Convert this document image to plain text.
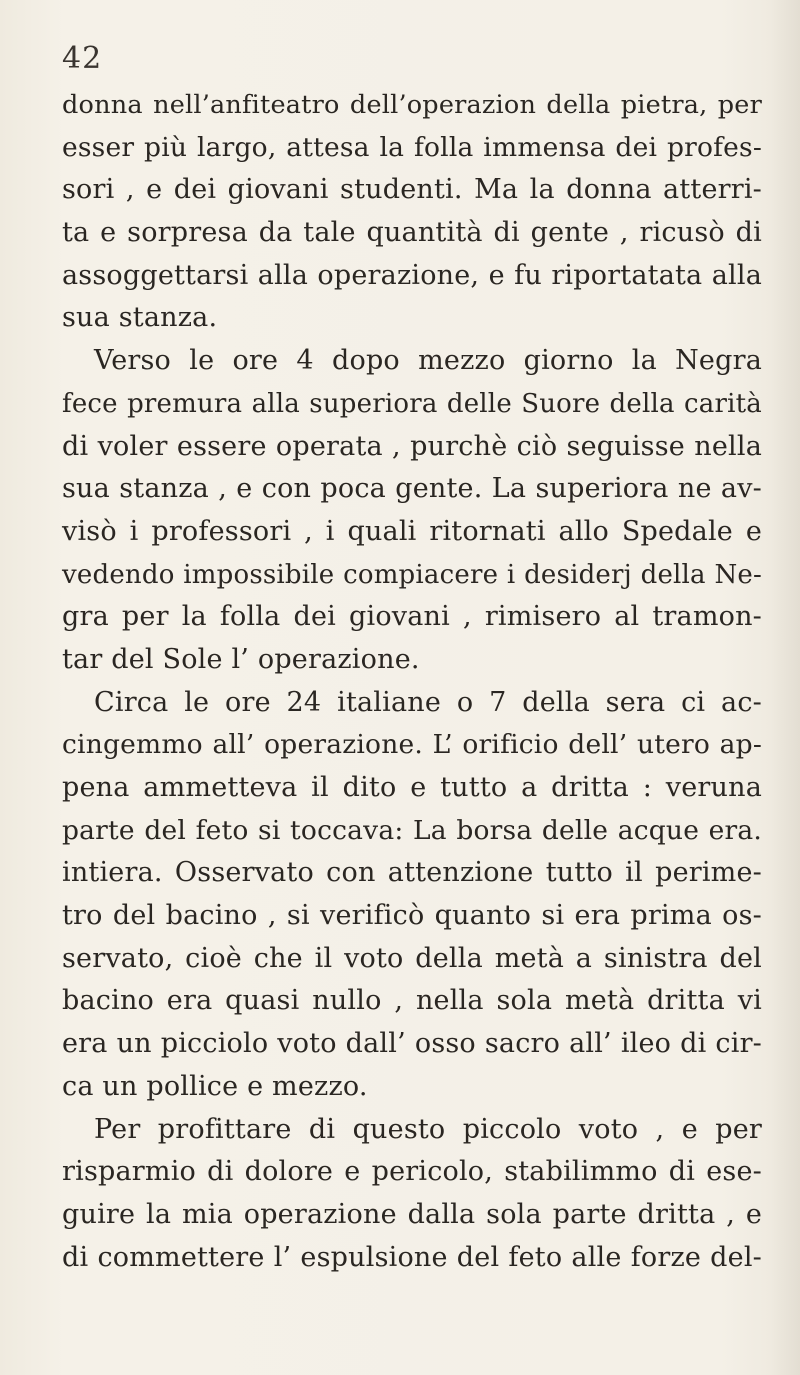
42
donna nell’anfiteatro dell’operazion della pietra, per
esser più largo, attesa la folla immensa dei profes-
sori , e dei giovani studenti. Ma la donna atterri-
ta e sorpresa da tale quantità di gente , ricusò di
assoggettarsi alla operazione, e fu riportatata alla
sua stanza.
Verso le ore 4 dopo mezzo giorno la Negra
fece premura alla superiora delle Suore della carità
di voler essere operata , purchè ciò seguisse nella
sua stanza , e con poca gente. La superiora ne av-
visò i professori , i quali ritornati allo Spedale e
vedendo impossibile compiacere i desiderj della Ne-
gra per la folla dei giovani , rimisero al tramon-
tar del Sole l’ operazione.
Circa le ore 24 italiane o 7 della sera ci ac-
cingemmo all’ operazione. L’ orificio dell’ utero ap-
pena ammetteva il dito e tutto a dritta : veruna
parte del feto si toccava: La borsa delle acque era.
intiera. Osservato con attenzione tutto il perime-
tro del bacino , si verificò quanto si era prima os-
servato, cioè che il voto della metà a sinistra del
bacino era quasi nullo , nella sola metà dritta vi
era un picciolo voto dall’ osso sacro all’ ileo di cir-
ca un pollice e mezzo.
Per profittare di questo piccolo voto , e per
risparmio di dolore e pericolo, stabilimmo di ese-
guire la mia operazione dalla sola parte dritta , e
di commettere l’ espulsione del feto alle forze del-
